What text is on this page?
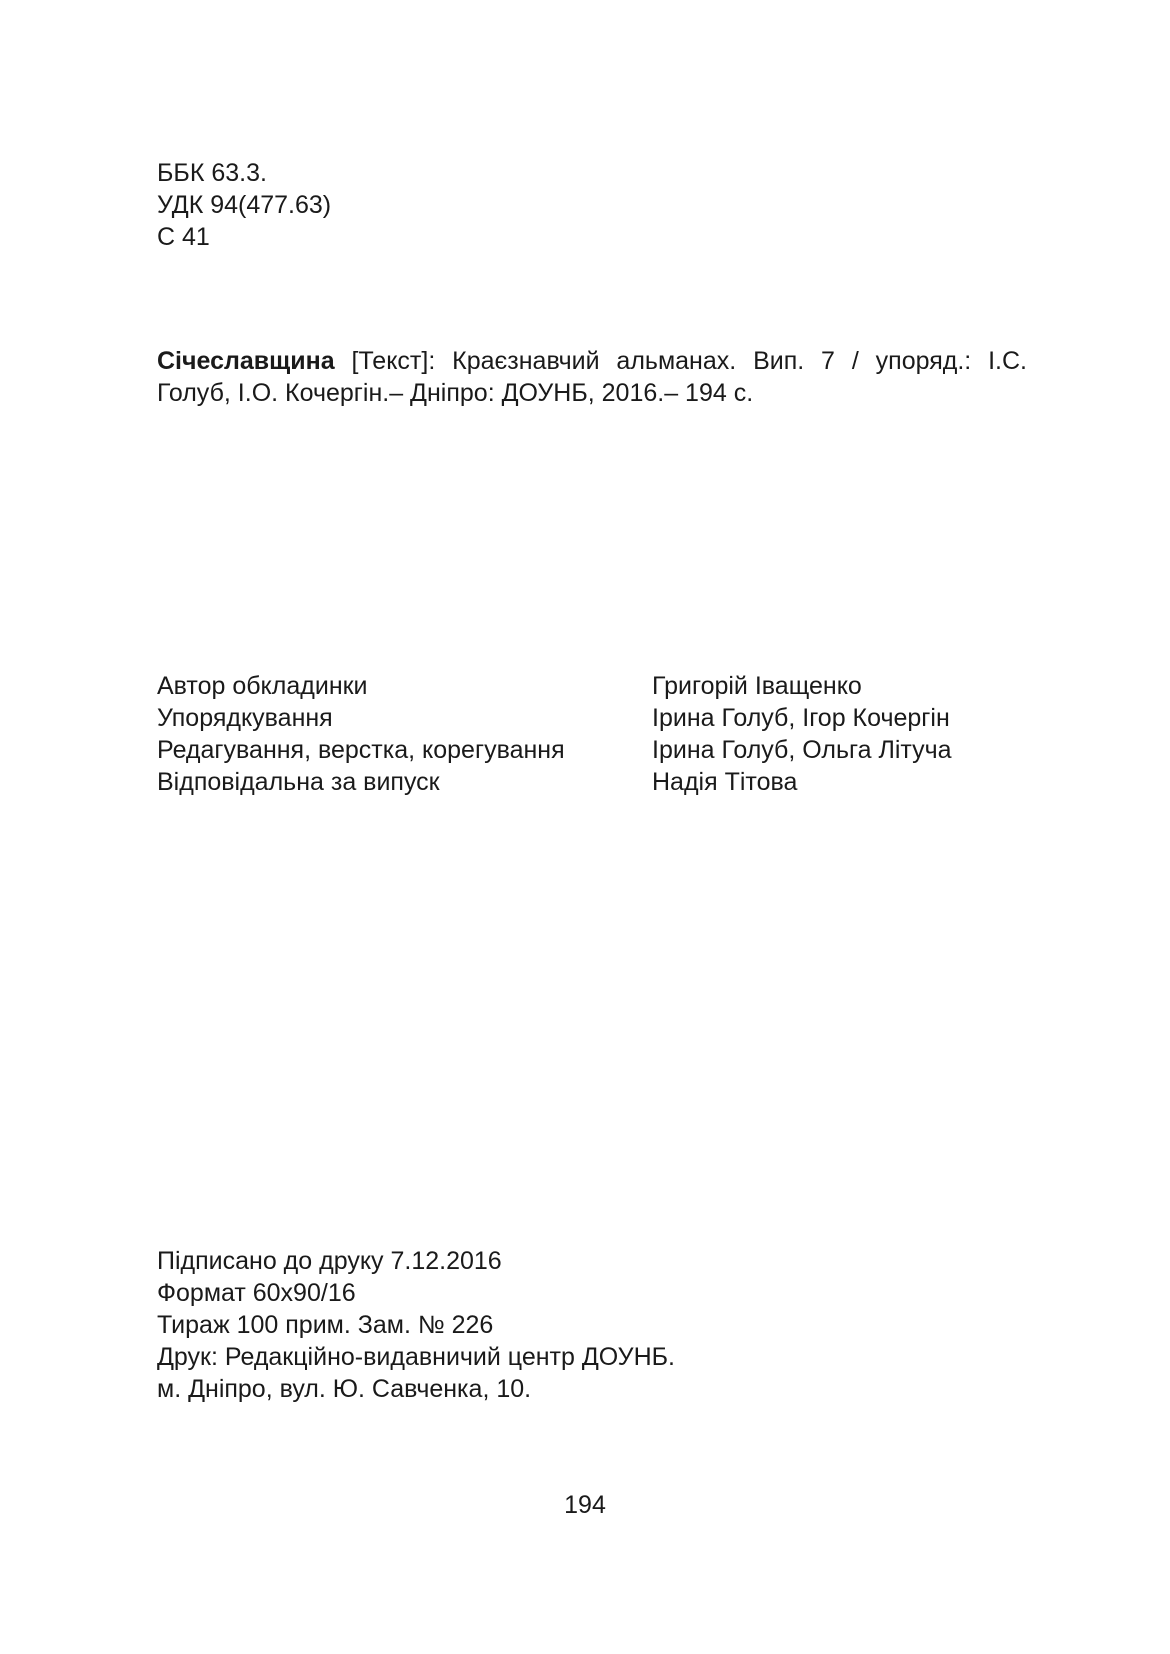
ББК 63.3.
УДК 94(477.63)
С 41
Січеславщина [Текст]: Краєзнавчий альманах. Вип. 7 / упоряд.: І.С. Голуб, І.О. Кочергін.– Дніпро: ДОУНБ, 2016.– 194 с.
Автор обкладинки	Григорій Іващенко
Упорядкування	Ірина Голуб, Ігор Кочергін
Редагування, верстка, корегування	Ірина Голуб, Ольга Літуча
Відповідальна за випуск	Надія Тітова
Підписано до друку 7.12.2016
Формат 60х90/16
Тираж 100 прим. Зам. № 226
Друк: Редакційно-видавничий центр ДОУНБ.
м. Дніпро, вул. Ю. Савченка, 10.
194
